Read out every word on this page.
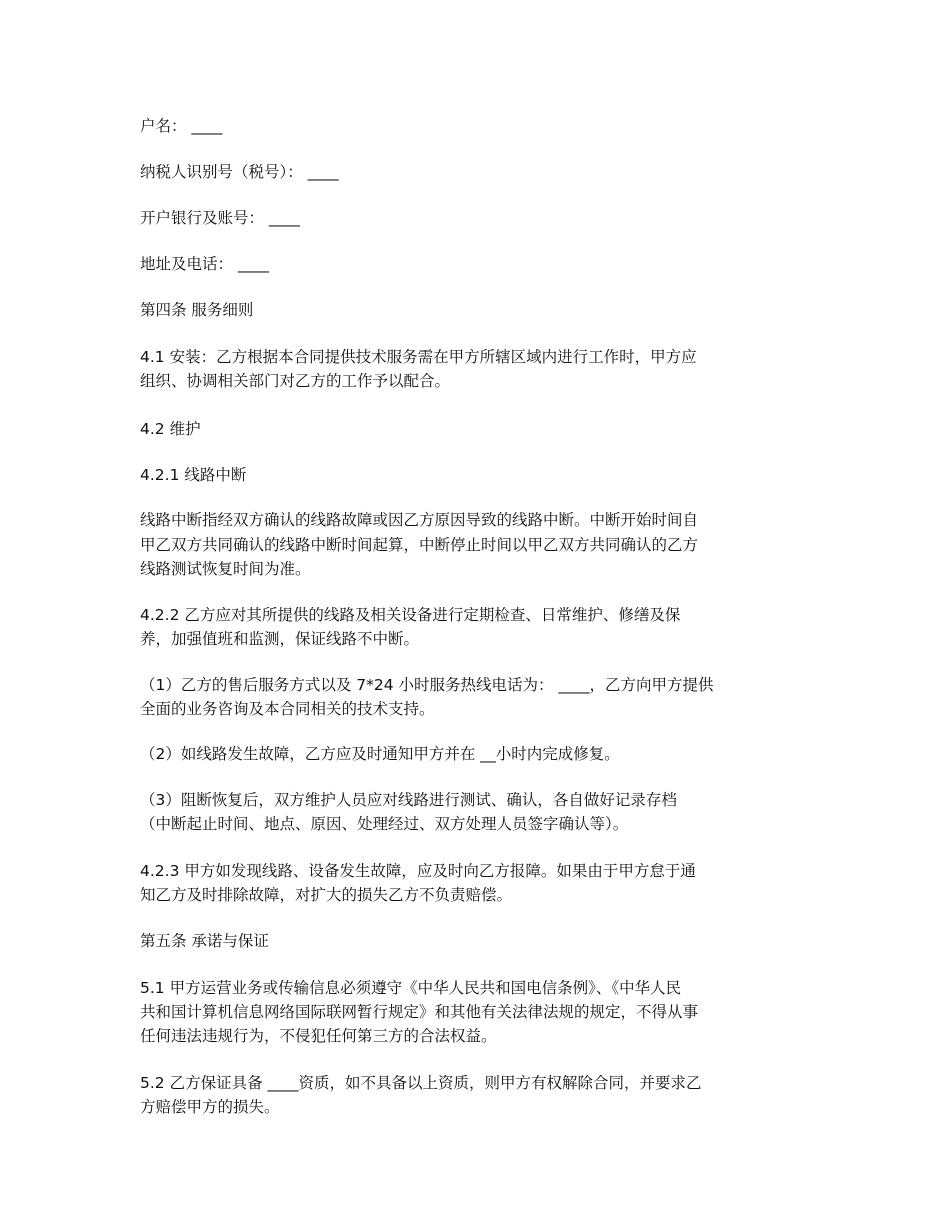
户名： ____

纳税人识别号（税号）： ____

开户银行及账号： ____

地址及电话： ____

第四条 服务细则

4.1 安装：乙方根据本合同提供技术服务需在甲方所辖区域内进行工作时，甲方应

组织、协调相关部门对乙方的工作予以配合。

4.2 维护

4.2.1 线路中断

线路中断指经双方确认的线路故障或因乙方原因导致的线路中断。中断开始时间自

甲乙双方共同确认的线路中断时间起算，中断停止时间以甲乙双方共同确认的乙方

线路测试恢复时间为准。

4.2.2 乙方应对其所提供的线路及相关设备进行定期检查、日常维护、修缮及保

养，加强值班和监测，保证线路不中断。

（1）乙方的售后服务方式以及 7*24 小时服务热线电话为： ____，乙方向甲方提供

全面的业务咨询及本合同相关的技术支持。

（2）如线路发生故障，乙方应及时通知甲方并在 __小时内完成修复。

（3）阻断恢复后，双方维护人员应对线路进行测试、确认，各自做好记录存档

（中断起止时间、地点、原因、处理经过、双方处理人员签字确认等）。

4.2.3 甲方如发现线路、设备发生故障，应及时向乙方报障。如果由于甲方怠于通

知乙方及时排除故障，对扩大的损失乙方不负责赔偿。

第五条 承诺与保证

5.1 甲方运营业务或传输信息必须遵守《中华人民共和国电信条例》、《中华人民

共和国计算机信息网络国际联网暂行规定》和其他有关法律法规的规定，不得从事

任何违法违规行为，不侵犯任何第三方的合法权益。

5.2 乙方保证具备 ____资质，如不具备以上资质，则甲方有权解除合同，并要求乙

方赔偿甲方的损失。
